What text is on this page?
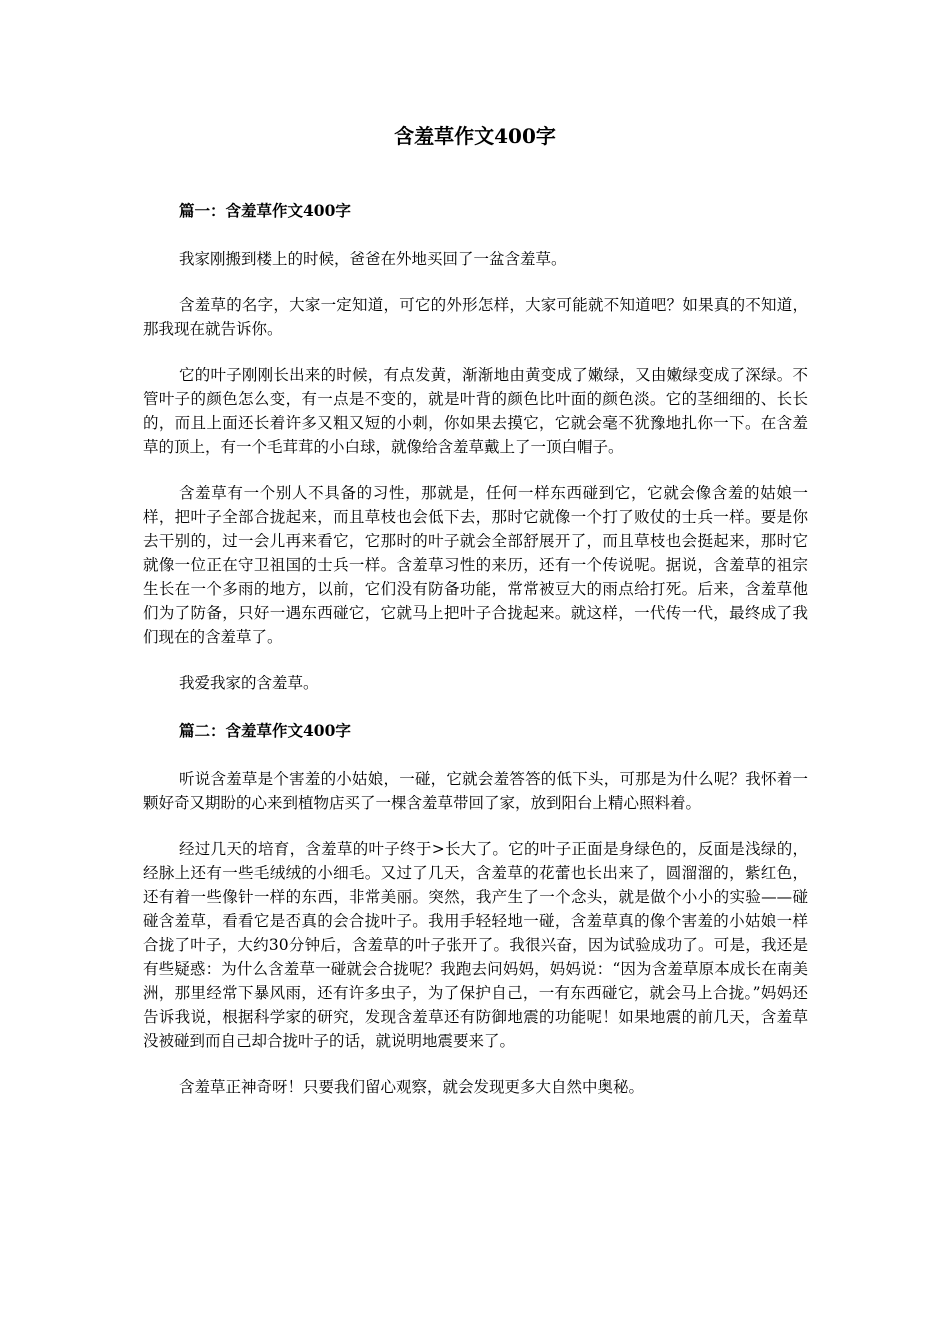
含羞草作文400字

篇一：含羞草作文400字

我家刚搬到楼上的时候，爸爸在外地买回了一盆含羞草。

含羞草的名字，大家一定知道，可它的外形怎样，大家可能就不知道吧？如果真的不知道，那我现在就告诉你。

它的叶子刚刚长出来的时候，有点发黄，渐渐地由黄变成了嫩绿，又由嫩绿变成了深绿。不管叶子的颜色怎么变，有一点是不变的，就是叶背的颜色比叶面的颜色淡。它的茎细细的、长长的，而且上面还长着许多又粗又短的小刺，你如果去摸它，它就会毫不犹豫地扎你一下。在含羞草的顶上，有一个毛茸茸的小白球，就像给含羞草戴上了一顶白帽子。

含羞草有一个别人不具备的习性，那就是，任何一样东西碰到它，它就会像含羞的姑娘一样，把叶子全部合拢起来，而且草枝也会低下去，那时它就像一个打了败仗的士兵一样。要是你去干别的，过一会儿再来看它，它那时的叶子就会全部舒展开了，而且草枝也会挺起来，那时它就像一位正在守卫祖国的士兵一样。含羞草习性的来历，还有一个传说呢。据说，含羞草的祖宗生长在一个多雨的地方，以前，它们没有防备功能，常常被豆大的雨点给打死。后来，含羞草他们为了防备，只好一遇东西碰它，它就马上把叶子合拢起来。就这样，一代传一代，最终成了我们现在的含羞草了。

我爱我家的含羞草。

篇二：含羞草作文400字

听说含羞草是个害羞的小姑娘，一碰，它就会羞答答的低下头，可那是为什么呢？我怀着一颗好奇又期盼的心来到植物店买了一棵含羞草带回了家，放到阳台上精心照料着。

经过几天的培育，含羞草的叶子终于>长大了。它的叶子正面是身绿色的，反面是浅绿的，经脉上还有一些毛绒绒的小细毛。又过了几天，含羞草的花蕾也长出来了，圆溜溜的，紫红色，还有着一些像针一样的东西，非常美丽。突然，我产生了一个念头，就是做个小小的实验——碰碰含羞草，看看它是否真的会合拢叶子。我用手轻轻地一碰，含羞草真的像个害羞的小姑娘一样合拢了叶子，大约30分钟后，含羞草的叶子张开了。我很兴奋，因为试验成功了。可是，我还是有些疑惑：为什么含羞草一碰就会合拢呢？我跑去问妈妈，妈妈说：“因为含羞草原本成长在南美洲，那里经常下暴风雨，还有许多虫子，为了保护自己，一有东西碰它，就会马上合拢。”妈妈还告诉我说，根据科学家的研究，发现含羞草还有防御地震的功能呢！如果地震的前几天，含羞草没被碰到而自己却合拢叶子的话，就说明地震要来了。

含羞草正神奇呀！只要我们留心观察，就会发现更多大自然中奥秘。
